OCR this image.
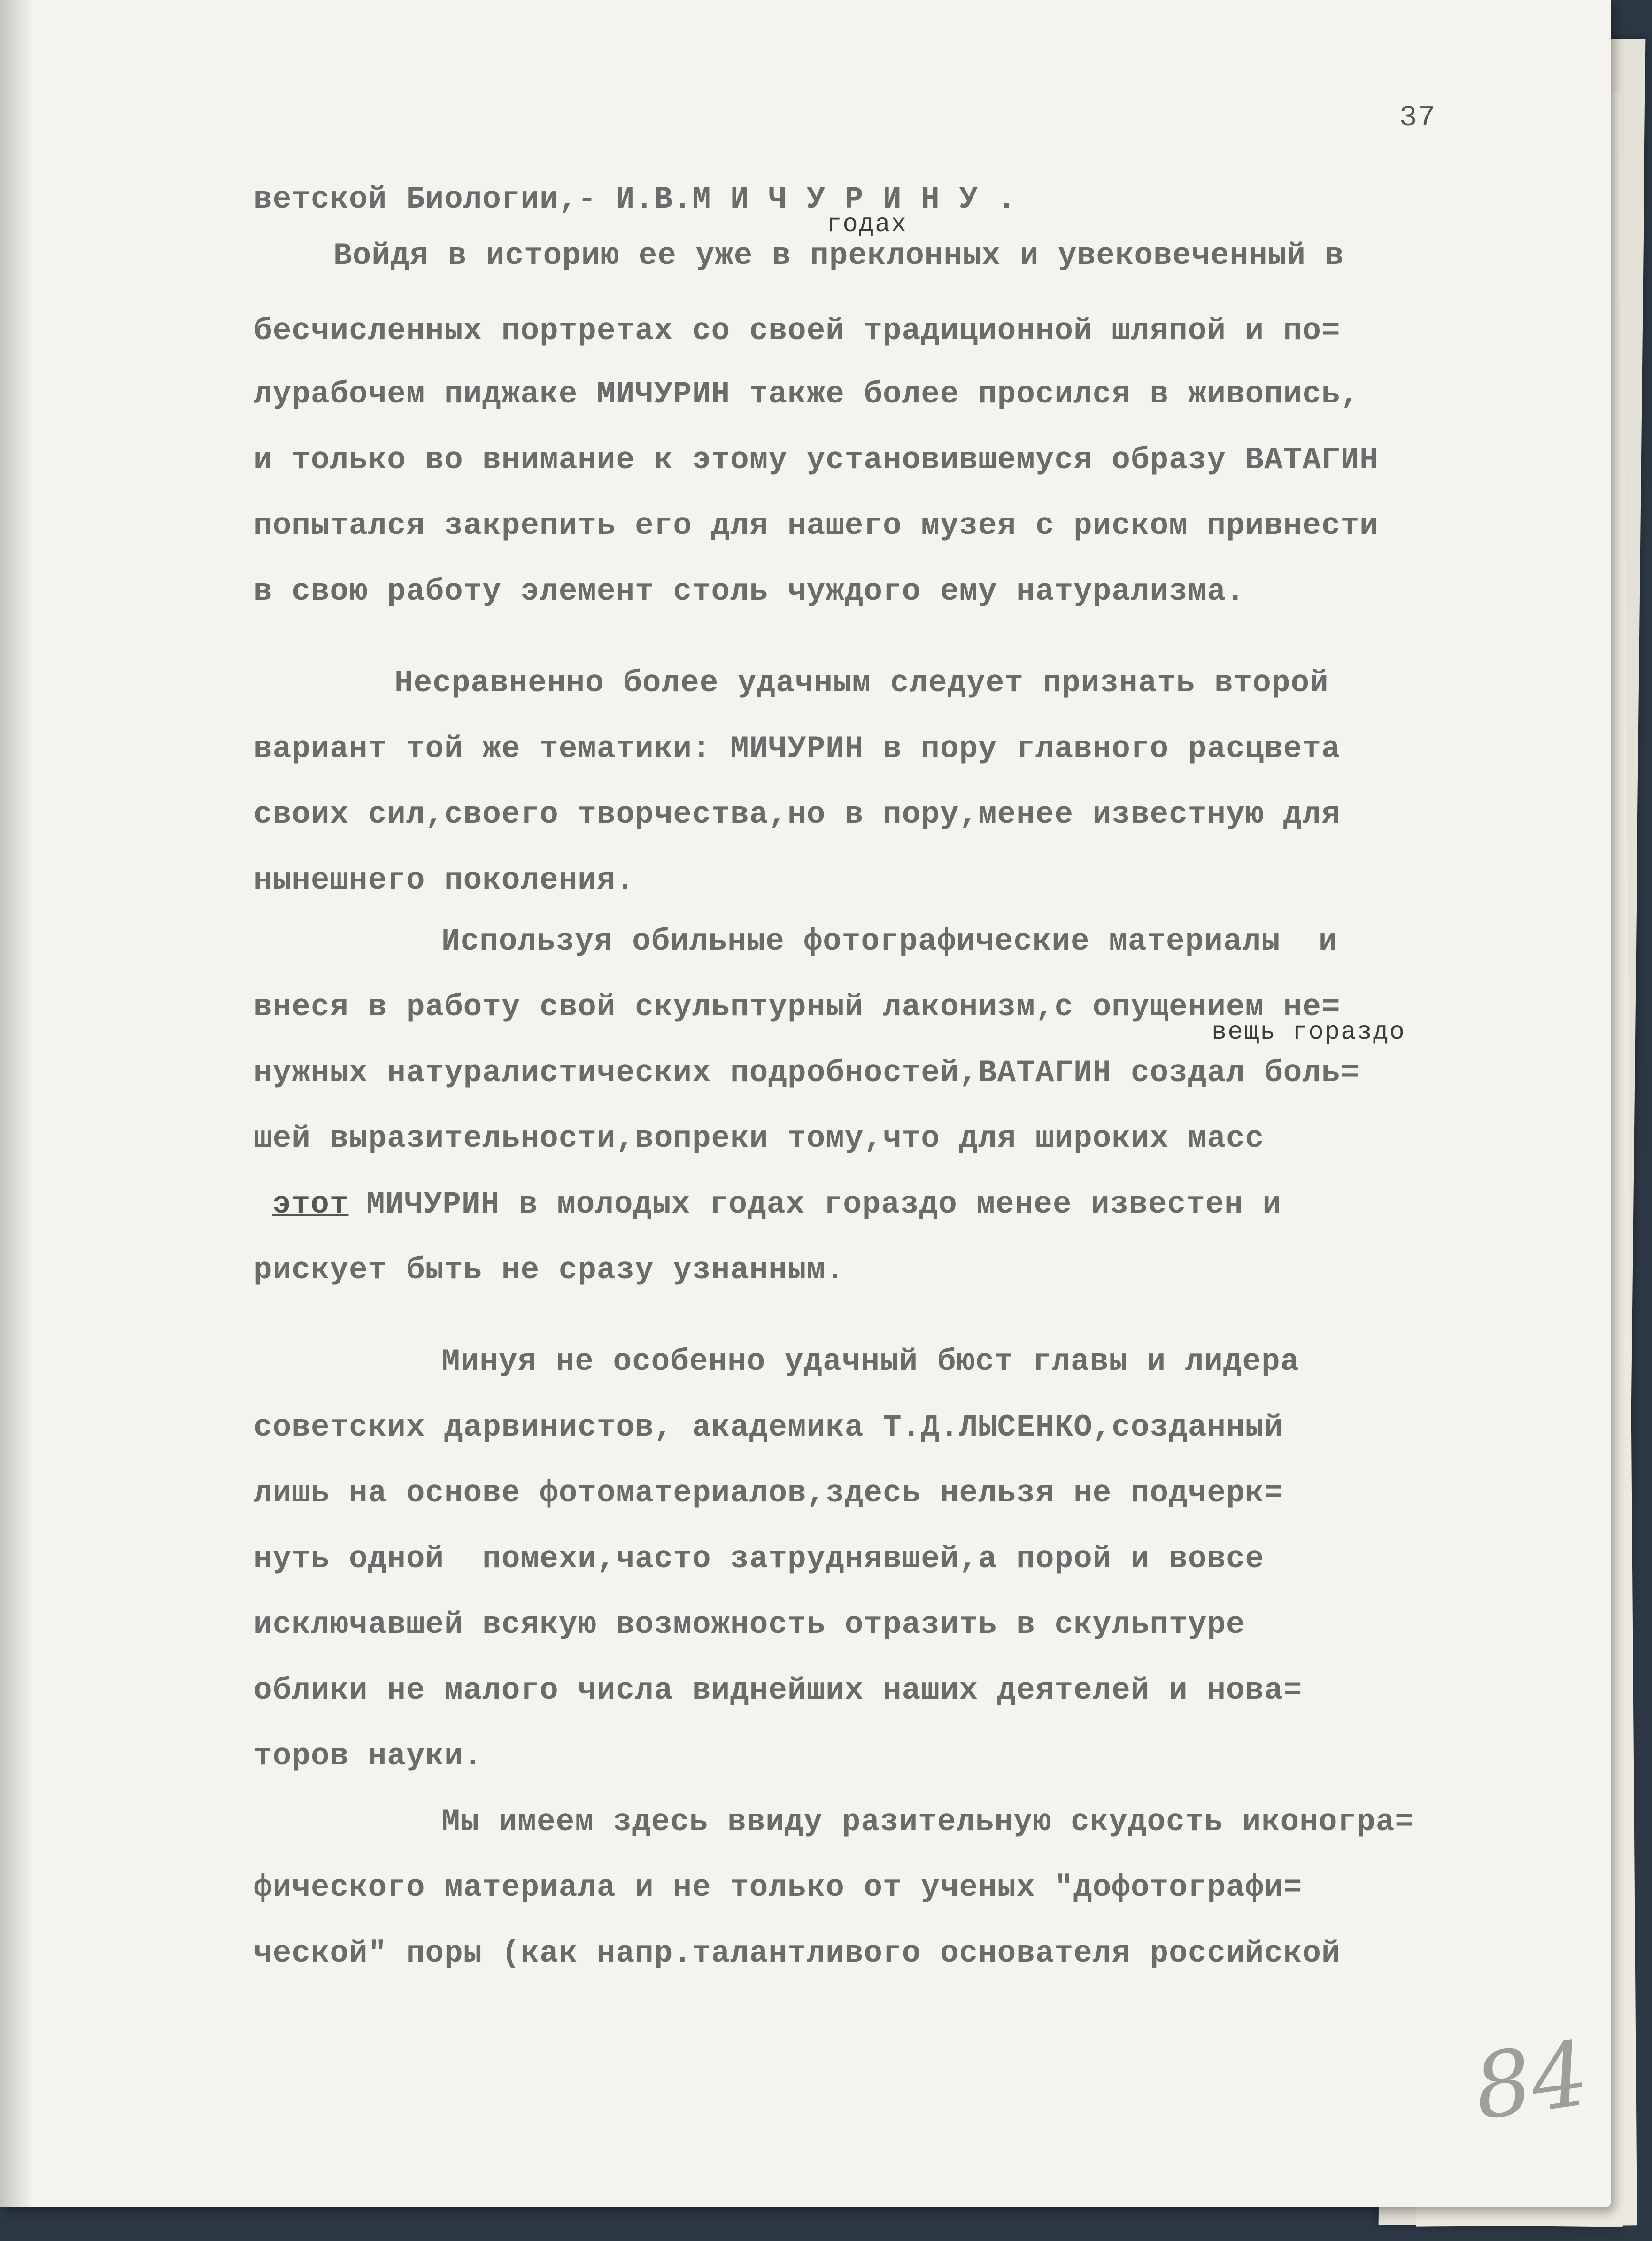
37
ветской Биологии,- И.В.М И Ч У Р И Н У .
годах
Войдя в историю ее уже в преклонных и увековеченный в
бесчисленных портретах со своей традиционной шляпой и по=
лурабочем пиджаке МИЧУРИН также более просился в живопись,
и только во внимание к этому установившемуся образу ВАТАГИН
попытался закрепить его для нашего музея с риском привнести
в свою работу элемент столь чуждого ему натурализма.
Несравненно более удачным следует признать второй
вариант той же тематики: МИЧУРИН в пору главного расцвета
своих сил,своего творчества,но в пору,менее известную для
нынешнего поколения.
Используя обильные фотографические материалы  и
внеся в работу свой скульптурный лаконизм,с опущением не=
вещь гораздо
нужных натуралистических подробностей,ВАТАГИН создал боль=
шей выразительности,вопреки тому,что для широких масс
этот МИЧУРИН в молодых годах гораздо менее известен и
рискует быть не сразу узнанным.
Минуя не особенно удачный бюст главы и лидера
советских дарвинистов, академика Т.Д.ЛЫСЕНКО,созданный
лишь на основе фотоматериалов,здесь нельзя не подчерк=
нуть одной  помехи,часто затруднявшей,а порой и вовсе
исключавшей всякую возможность отразить в скульптуре
облики не малого числа виднейших наших деятелей и нова=
торов науки.
Мы имеем здесь ввиду разительную скудость иконогра=
фического материала и не только от ученых "дофотографи=
ческой" поры (как напр.талантливого основателя российской
84
